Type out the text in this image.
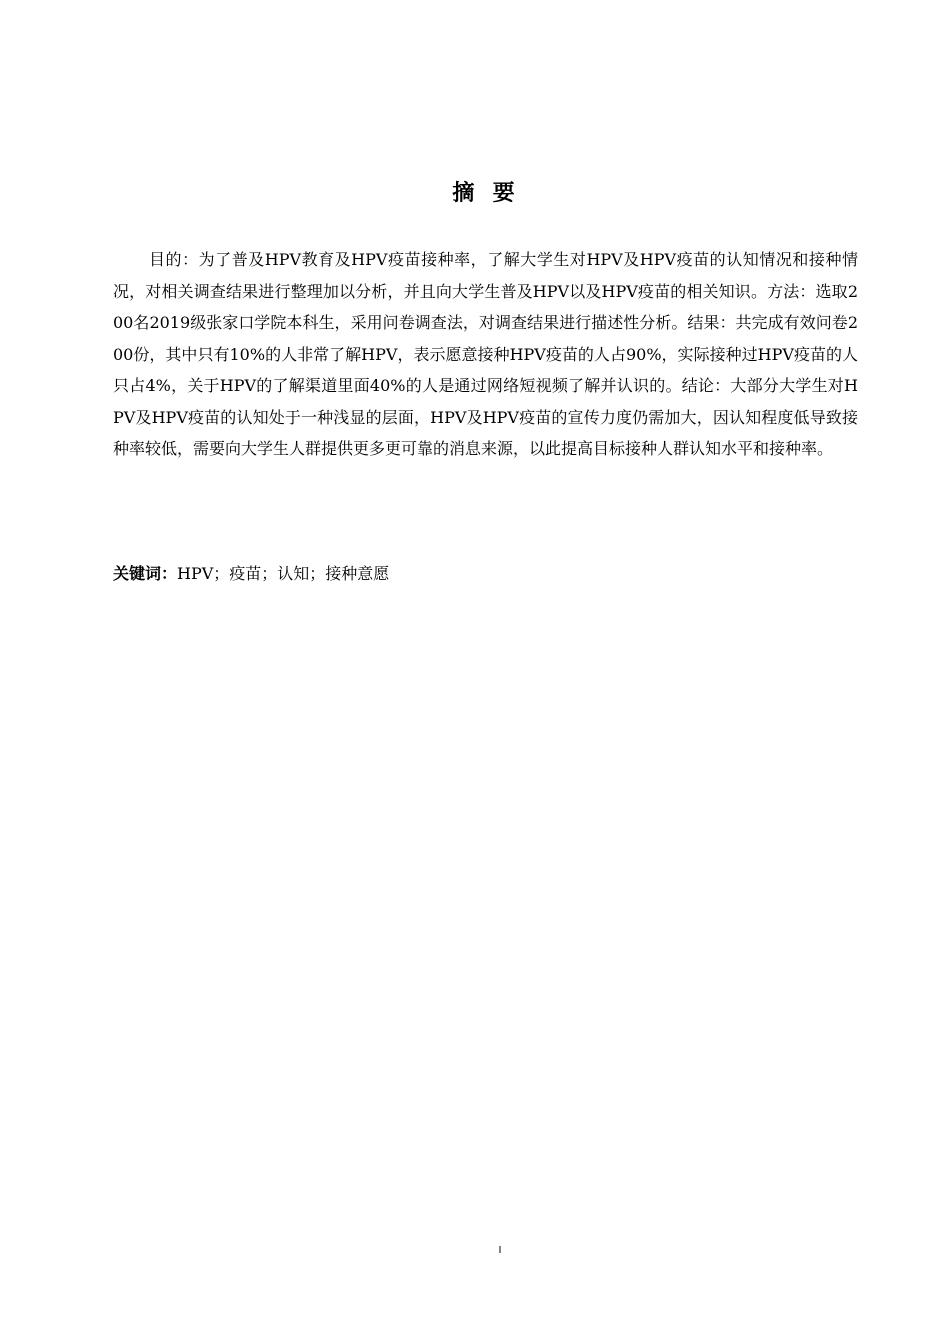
摘  要

目的：为了普及HPV教育及HPV疫苗接种率，了解大学生对HPV及HPV疫苗的认知情况和接种情况，对相关调查结果进行整理加以分析，并且向大学生普及HPV以及HPV疫苗的相关知识。方法：选取200名2019级张家口学院本科生，采用问卷调查法，对调查结果进行描述性分析。结果：共完成有效问卷200份，其中只有10%的人非常了解HPV，表示愿意接种HPV疫苗的人占90%，实际接种过HPV疫苗的人只占4%，关于HPV的了解渠道里面40%的人是通过网络短视频了解并认识的。结论：大部分大学生对HPV及HPV疫苗的认知处于一种浅显的层面，HPV及HPV疫苗的宣传力度仍需加大，因认知程度低导致接种率较低，需要向大学生人群提供更多更可靠的消息来源，以此提高目标接种人群认知水平和接种率。

关键词：HPV；疫苗；认知；接种意愿

I
